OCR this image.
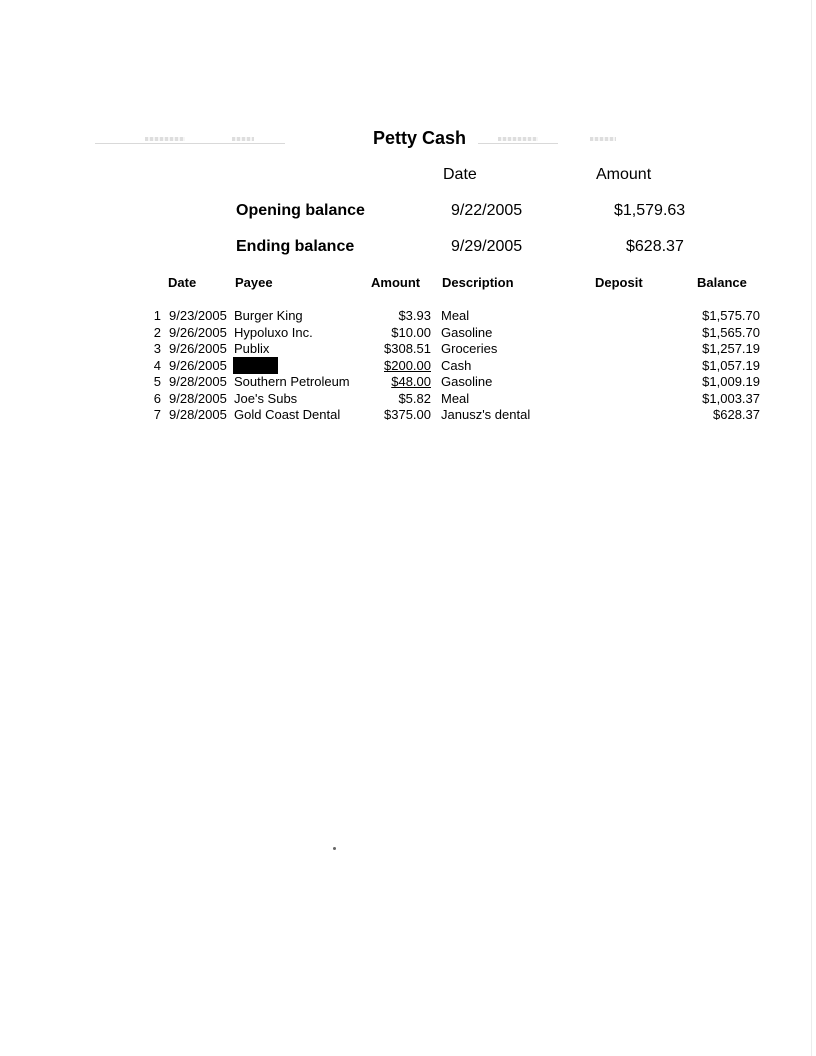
Petty Cash
Date	Amount
Opening balance	9/22/2005	$1,579.63
Ending balance	9/29/2005	$628.37
Date	Payee	Amount Description	Deposit	Balance
1 9/23/2005 Burger King	$3.93 Meal	$1,575.70
2 9/26/2005 Hypoluxo Inc.	$10.00 Gasoline	$1,565.70
3 9/26/2005 Publix	$308.51 Groceries	$1,257.19
4 9/26/2005	$200.00 Cash	$1,057.19
5 9/28/2005 Southern Petroleum	$48.00 Gasoline	$1,009.19
6 9/28/2005 Joe's Subs	$5.82 Meal	$1,003.37
7 9/28/2005 Gold Coast Dental	$375.00 Janusz's dental	$628.37
